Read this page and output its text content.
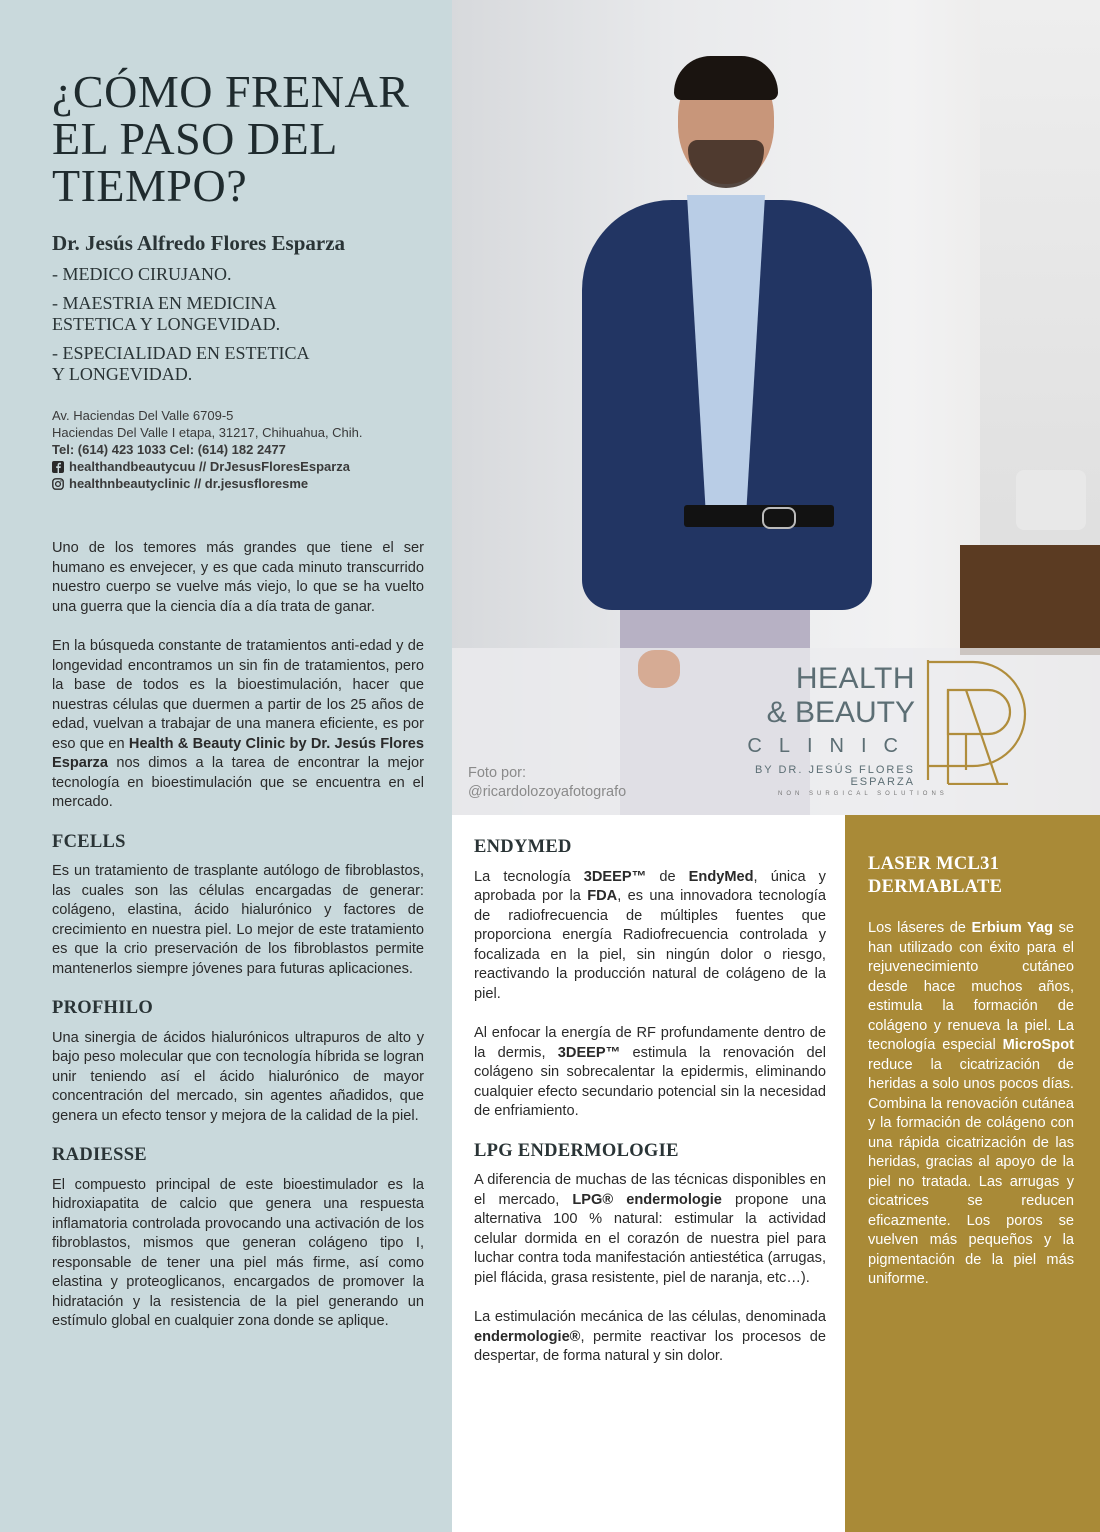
¿CÓMO FRENAR
EL PASO DEL
TIEMPO?
Dr. Jesús Alfredo Flores Esparza
- MEDICO CIRUJANO.
- MAESTRIA EN MEDICINA
ESTETICA Y LONGEVIDAD.
- ESPECIALIDAD EN ESTETICA
Y LONGEVIDAD.
Av. Haciendas Del Valle 6709-5
Haciendas Del Valle I etapa, 31217, Chihuahua, Chih.
Tel: (614) 423 1033 Cel: (614) 182 2477
healthandbeautycuu // DrJesusFloresEsparza
healthnbeautyclinic // dr.jesusfloresme

Uno de los temores más grandes que tiene el ser humano es envejecer, y es que cada minuto transcurrido nuestro cuerpo se vuelve más viejo, lo que se ha vuelto una guerra que la ciencia día a día trata de ganar.

En la búsqueda constante de tratamientos anti-edad y de longevidad encontramos un sin fin de tratamientos, pero la base de todos es la bioestimulación, hacer que nuestras células que duermen a partir de los 25 años de edad, vuelvan a trabajar de una manera eficiente, es por eso que en Health & Beauty Clinic by Dr. Jesús Flores Esparza nos dimos a la tarea de encontrar la mejor tecnología en bioestimulación que se encuentra en el mercado.

FCELLS

Es un tratamiento de trasplante autólogo de fibroblastos, las cuales son las células encargadas de generar: colágeno, elastina, ácido hialurónico y factores de crecimiento en nuestra piel. Lo mejor de este tratamiento es que la crio preservación de los fibroblastos permite mantenerlos siempre jóvenes para futuras aplicaciones.

PROFHILO

Una sinergia de ácidos hialurónicos ultrapuros de alto y bajo peso molecular que con tecnología híbrida se logran unir teniendo así el ácido hialurónico de mayor concentración del mercado, sin agentes añadidos, que genera un efecto tensor y mejora de la calidad de la piel.

RADIESSE

El compuesto principal de este bioestimulador es la hidroxiapatita de calcio que genera una respuesta inflamatoria controlada provocando una activación de los fibroblastos, mismos que generan colágeno tipo I, responsable de tener una piel más firme, así como elastina y proteoglicanos, encargados de promover la hidratación y la resistencia de la piel generando un estímulo global en cualquier zona donde se aplique.

Foto por:
@ricardolozoyafotografo
HEALTH
& BEAUTY
CLINIC
BY DR. JESÚS FLORES ESPARZA
NON SURGICAL SOLUTIONS
ENDYMED

La tecnología 3DEEP™ de EndyMed, única y aprobada por la FDA, es una innovadora tecnología de radiofrecuencia de múltiples fuentes que proporciona energía Radiofrecuencia controlada y focalizada en la piel, sin ningún dolor o riesgo, reactivando la producción natural de colágeno de la piel.

Al enfocar la energía de RF profundamente dentro de la dermis, 3DEEP™ estimula la renovación del colágeno sin sobrecalentar la epidermis, eliminando cualquier efecto secundario potencial sin la necesidad de enfriamiento.

LPG ENDERMOLOGIE

A diferencia de muchas de las técnicas disponibles en el mercado, LPG® endermologie propone una alternativa 100 % natural: estimular la actividad celular dormida en el corazón de nuestra piel para luchar contra toda manifestación antiestética (arrugas, piel flácida, grasa resistente, piel de naranja, etc…).

La estimulación mecánica de las células, denominada endermologie®, permite reactivar los procesos de despertar, de forma natural y sin dolor.

LASER MCL31
DERMABLATE

Los láseres de Erbium Yag se han utilizado con éxito para el rejuvenecimiento cutáneo desde hace muchos años, estimula la formación de colágeno y renueva la piel. La tecnología especial MicroSpot reduce la cicatrización de heridas a solo unos pocos días. Combina la renovación cutánea y la formación de colágeno con una rápida cicatrización de las heridas, gracias al apoyo de la piel no tratada. Las arrugas y cicatrices se reducen eficazmente. Los poros se vuelven más pequeños y la pigmentación de la piel más uniforme.
